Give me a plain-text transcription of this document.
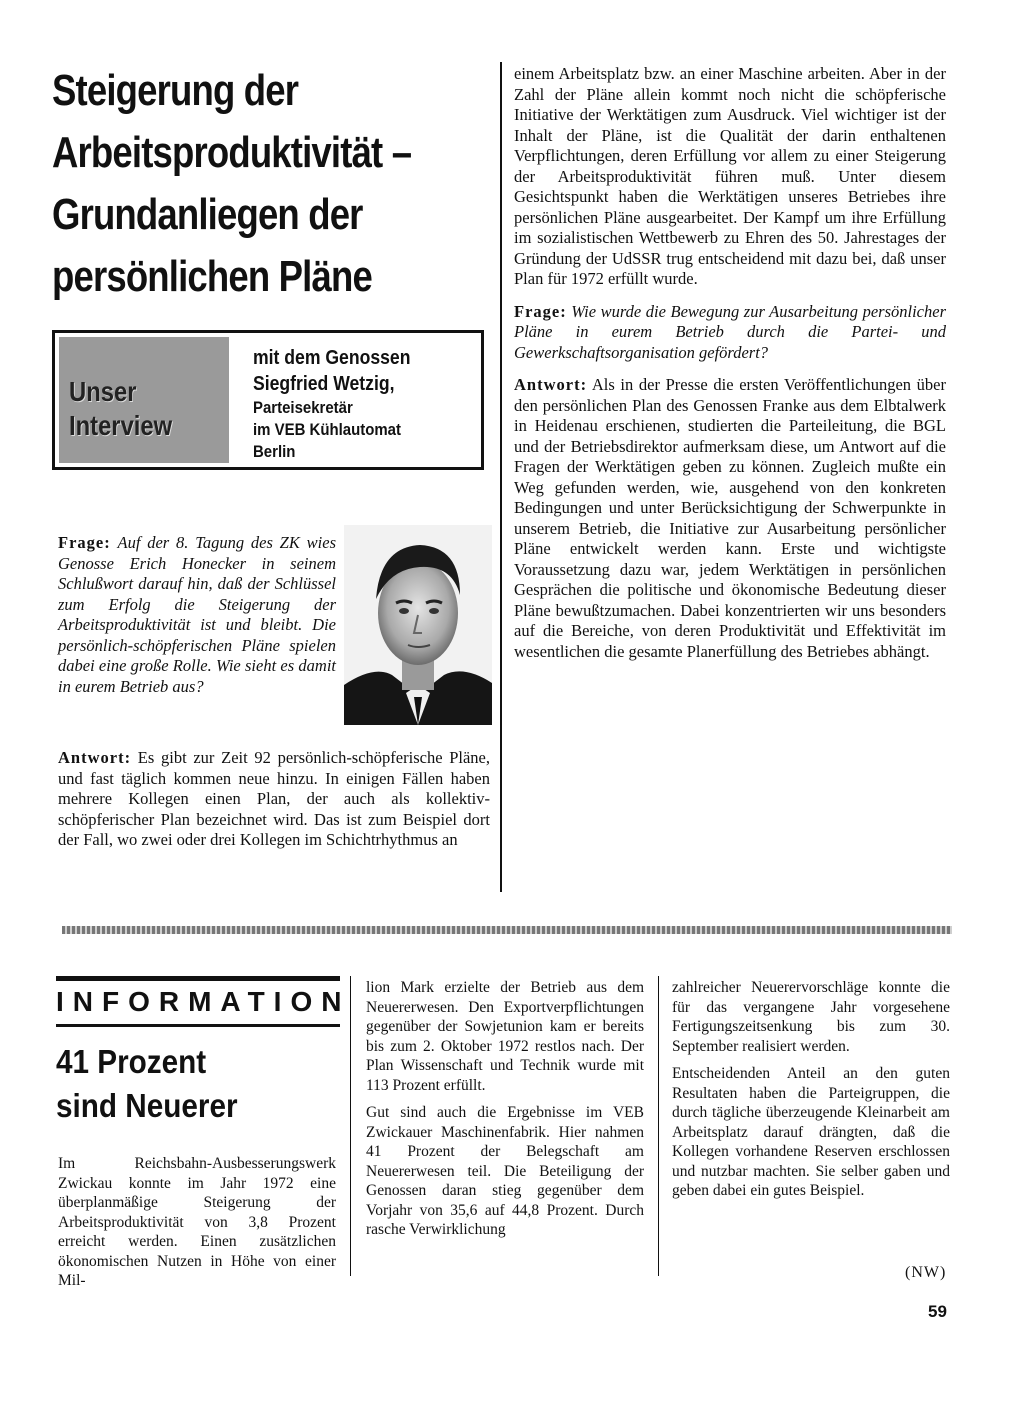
Steigerung der
Arbeitsproduktivität –
Grundanliegen der
persönlichen Pläne
Unser
Interview
mit dem Genossen
Siegfried Wetzig,
Parteisekretär
im VEB Kühlautomat
Berlin
Frage: Auf der 8. Tagung des ZK wies Genosse Erich Honecker in seinem Schlußwort darauf hin, daß der Schlüssel zum Erfolg die Steigerung der Arbeitsproduktivität ist und bleibt. Die persönlich-schöpferischen Pläne spielen dabei eine große Rolle. Wie sieht es damit in eurem Betrieb aus?
Antwort: Es gibt zur Zeit 92 persönlich-schöpferische Pläne, und fast täglich kommen neue hinzu. In einigen Fällen haben mehrere Kollegen einen Plan, der auch als kollektiv-schöpferischer Plan bezeichnet wird. Das ist zum Beispiel dort der Fall, wo zwei oder drei Kollegen im Schichtrhythmus an

einem Arbeitsplatz bzw. an einer Maschine arbeiten. Aber in der Zahl der Pläne allein kommt noch nicht die schöpferische Initiative der Werktätigen zum Ausdruck. Viel wichtiger ist der Inhalt der Pläne, ist die Qualität der darin enthaltenen Verpflichtungen, deren Erfüllung vor allem zu einer Steigerung der Arbeitsproduktivität führen muß. Unter diesem Gesichtspunkt haben die Werktätigen unseres Betriebes ihre persönlichen Pläne ausgearbeitet. Der Kampf um ihre Erfüllung im sozialistischen Wettbewerb zu Ehren des 50. Jahrestages der Gründung der UdSSR trug entscheidend mit dazu bei, daß unser Plan für 1972 erfüllt wurde.

Frage: Wie wurde die Bewegung zur Ausarbeitung persönlicher Pläne in eurem Betrieb durch die Partei- und Gewerkschaftsorganisation gefördert?

Antwort: Als in der Presse die ersten Veröffentlichungen über den persönlichen Plan des Genossen Franke aus dem Elbtalwerk in Heidenau erschienen, studierten die Parteileitung, die BGL und der Betriebsdirektor aufmerksam diese, um Antwort auf die Fragen der Werktätigen geben zu können. Zugleich mußte ein Weg gefunden werden, wie, ausgehend von den konkreten Bedingungen und unter Berücksichtigung der Schwerpunkte in unserem Betrieb, die Initiative zur Ausarbeitung persönlicher Pläne entwickelt werden kann. Erste und wichtigste Voraussetzung dazu war, jedem Werktätigen in persönlichen Gesprächen die politische und ökonomische Bedeutung dieser Pläne bewußtzumachen. Dabei konzentrierten wir uns besonders auf die Bereiche, von deren Produktivität und Effektivität im wesentlichen die gesamte Planerfüllung des Betriebes abhängt.

INFORMATION
41 Prozent
sind Neuerer

Im Reichsbahn-Ausbesserungswerk Zwickau konnte im Jahr 1972 eine überplanmäßige Steigerung der Arbeitsproduktivität von 3,8 Prozent erreicht werden. Einen zusätzlichen ökonomischen Nutzen in Höhe von einer Mil-

lion Mark erzielte der Betrieb aus dem Neuererwesen. Den Exportverpflichtungen gegenüber der Sowjetunion kam er bereits bis zum 2. Oktober 1972 restlos nach. Der Plan Wissenschaft und Technik wurde mit 113 Prozent erfüllt.

Gut sind auch die Ergebnisse im VEB Zwickauer Maschinenfabrik. Hier nahmen 41 Prozent der Belegschaft am Neuererwesen teil. Die Beteiligung der Genossen daran stieg gegenüber dem Vorjahr von 35,6 auf 44,8 Prozent. Durch rasche Verwirklichung

zahlreicher Neuerervorschläge konnte die für das vergangene Jahr vorgesehene Fertigungszeitsenkung bis zum 30. September realisiert werden.

Entscheidenden Anteil an den guten Resultaten haben die Parteigruppen, die durch tägliche überzeugende Kleinarbeit am Arbeitsplatz darauf drängten, daß die Kollegen vorhandene Reserven erschlossen und nutzbar machten. Sie selber gaben und geben dabei ein gutes Beispiel.

(NW)
59
